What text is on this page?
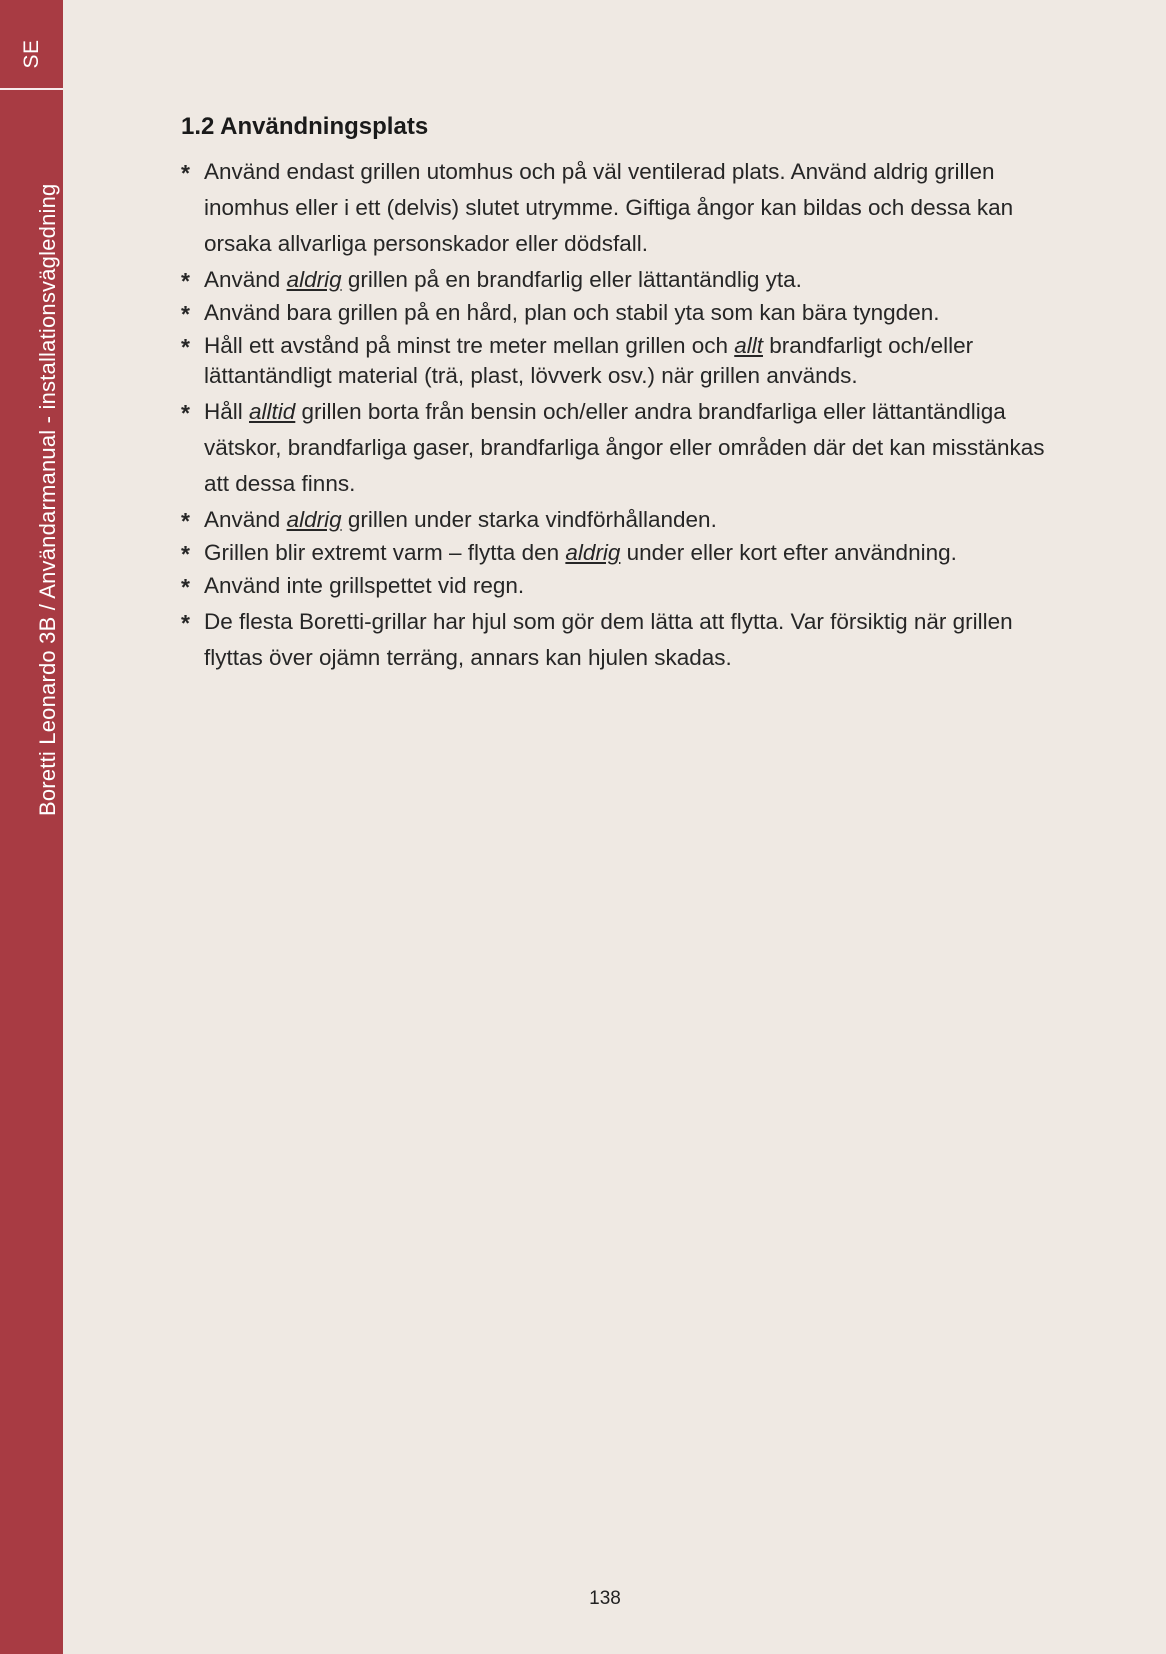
SE
Boretti Leonardo 3B / Användarmanual - installationsvägledning
1.2 Användningsplats
* Använd endast grillen utomhus och på väl ventilerad plats. Använd aldrig grillen inomhus eller i ett (delvis) slutet utrymme. Giftiga ångor kan bildas och dessa kan orsaka allvarliga personskador eller dödsfall.
* Använd aldrig grillen på en brandfarlig eller lättantändlig yta.
* Använd bara grillen på en hård, plan och stabil yta som kan bära tyngden.
* Håll ett avstånd på minst tre meter mellan grillen och allt brandfarligt och/eller lättantändligt material (trä, plast, lövverk osv.) när grillen används.
* Håll alltid grillen borta från bensin och/eller andra brandfarliga eller lättantändliga vätskor, brandfarliga gaser, brandfarliga ångor eller områden där det kan misstänkas att dessa finns.
* Använd aldrig grillen under starka vindförhållanden.
* Grillen blir extremt varm – flytta den aldrig under eller kort efter användning.
* Använd inte grillspettet vid regn.
* De flesta Boretti-grillar har hjul som gör dem lätta att flytta. Var försiktig när grillen flyttas över ojämn terräng, annars kan hjulen skadas.
138
